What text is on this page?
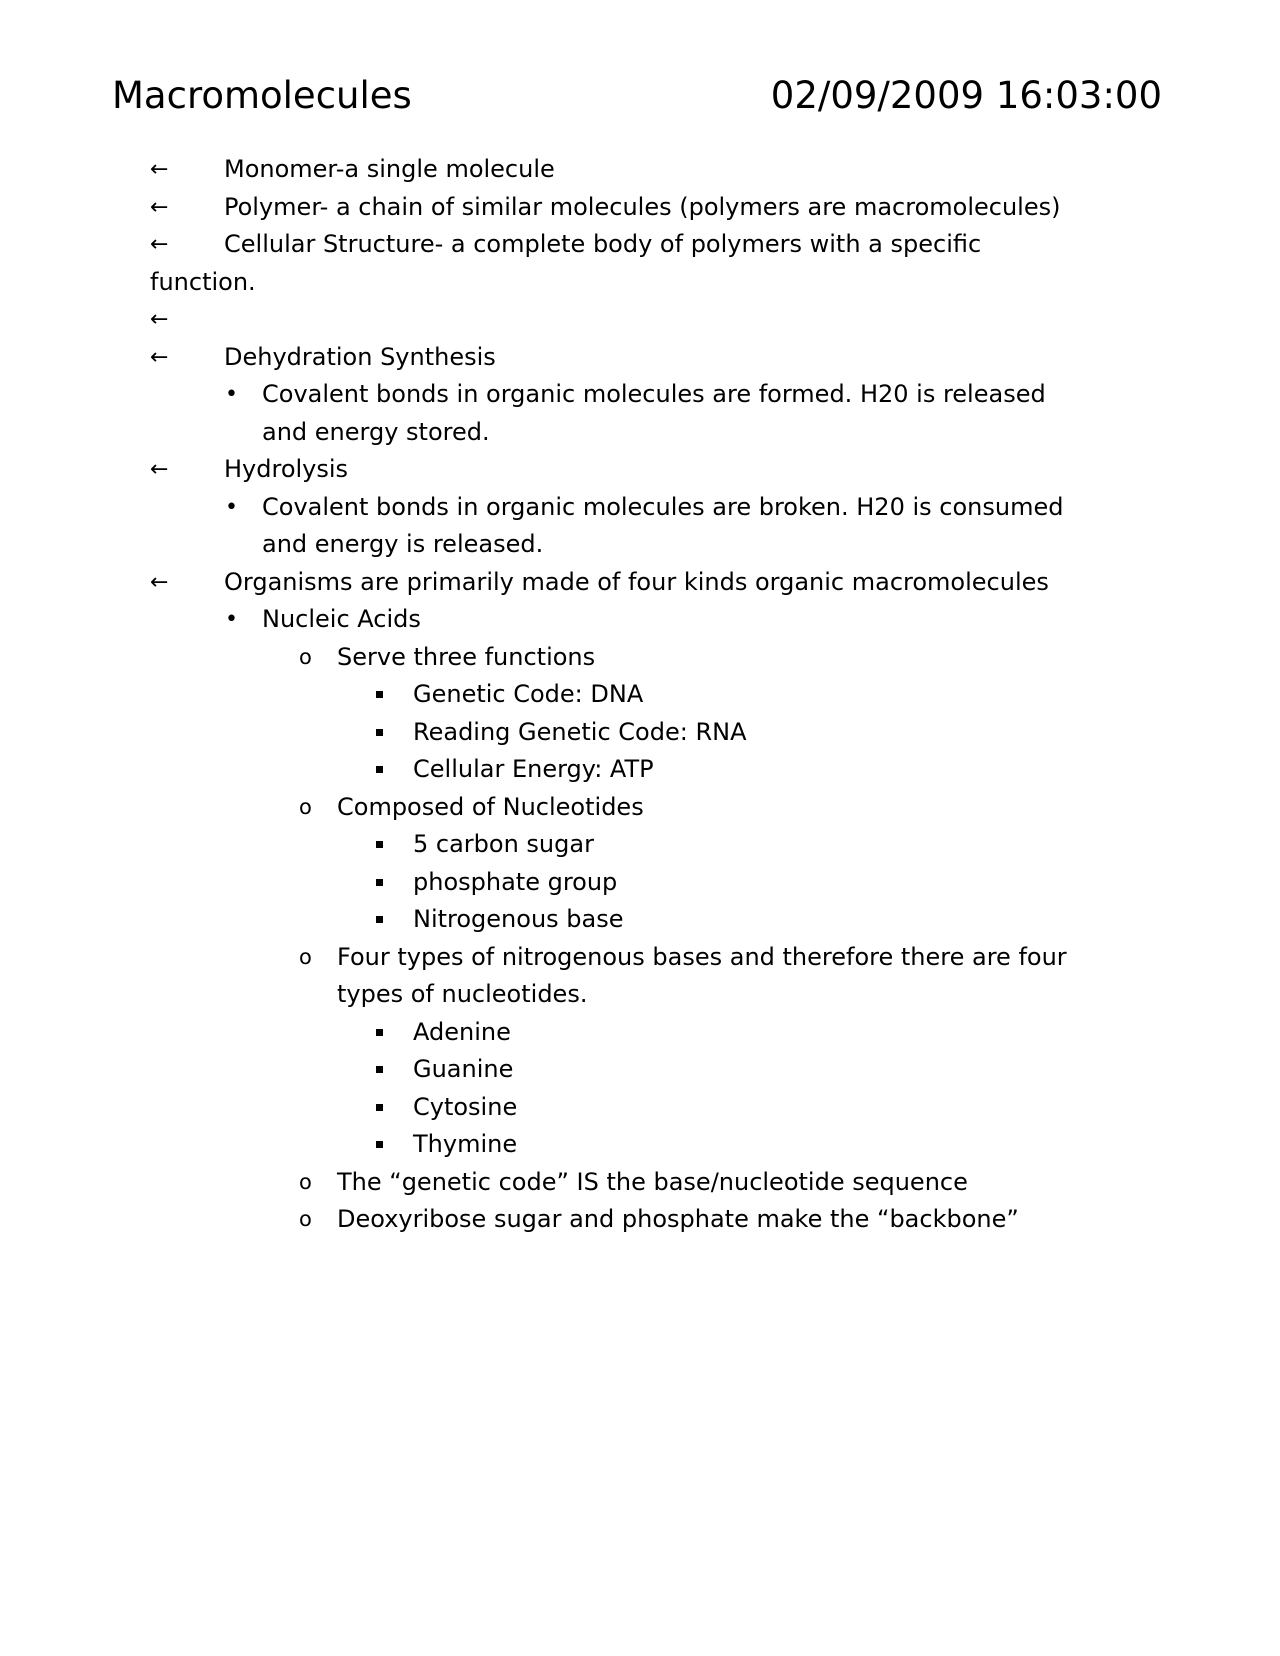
Macromolecules	02/09/2009 16:03:00
←	Monomer-a single molecule
←	Polymer- a chain of similar molecules (polymers are macromolecules)
←	Cellular Structure- a complete body of polymers with a specific
function.
←
←	Dehydration Synthesis
• Covalent bonds in organic molecules are formed. H20 is released
and energy stored.
←	Hydrolysis
• Covalent bonds in organic molecules are broken. H20 is consumed
and energy is released.
←	Organisms are primarily made of four kinds organic macromolecules
• Nucleic Acids
o Serve three functions
Genetic Code: DNA
Reading Genetic Code: RNA
Cellular Energy: ATP
o Composed of Nucleotides
5 carbon sugar
phosphate group
Nitrogenous base
o Four types of nitrogenous bases and therefore there are four
types of nucleotides.
Adenine
Guanine
Cytosine
Thymine
o The “genetic code” IS the base/nucleotide sequence
o Deoxyribose sugar and phosphate make the “backbone”
